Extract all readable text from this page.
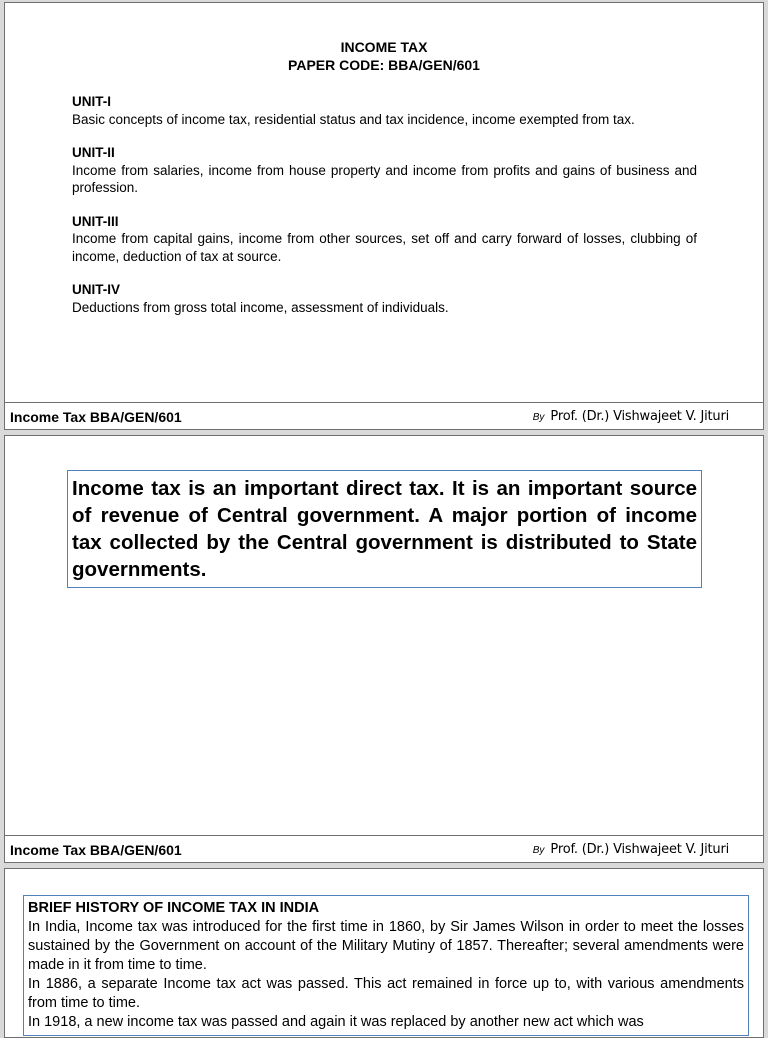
INCOME TAX
PAPER CODE: BBA/GEN/601
UNIT-I
Basic concepts of income tax, residential status and tax incidence, income exempted from tax.
UNIT-II
Income from salaries, income from house property and income from profits and gains of business and profession.
UNIT-III
Income from capital gains, income from other sources, set off and carry forward of losses, clubbing of income, deduction of tax at source.
UNIT-IV
Deductions from gross total income, assessment of individuals.
Income Tax BBA/GEN/601	By Prof. (Dr.) Vishwajeet V. Jituri
Income tax is an important direct tax. It is an important source of revenue of Central government. A major portion of income tax collected by the Central government is distributed to State governments.
Income Tax BBA/GEN/601	By Prof. (Dr.) Vishwajeet V. Jituri
BRIEF HISTORY OF INCOME TAX IN INDIA
In India, Income tax was introduced for the first time in 1860, by Sir James Wilson in order to meet the losses sustained by the Government on account of the Military Mutiny of 1857. Thereafter; several amendments were made in it from time to time.
In 1886, a separate Income tax act was passed. This act remained in force up to, with various amendments from time to time.
In 1918, a new income tax was passed and again it was replaced by another new act which was
